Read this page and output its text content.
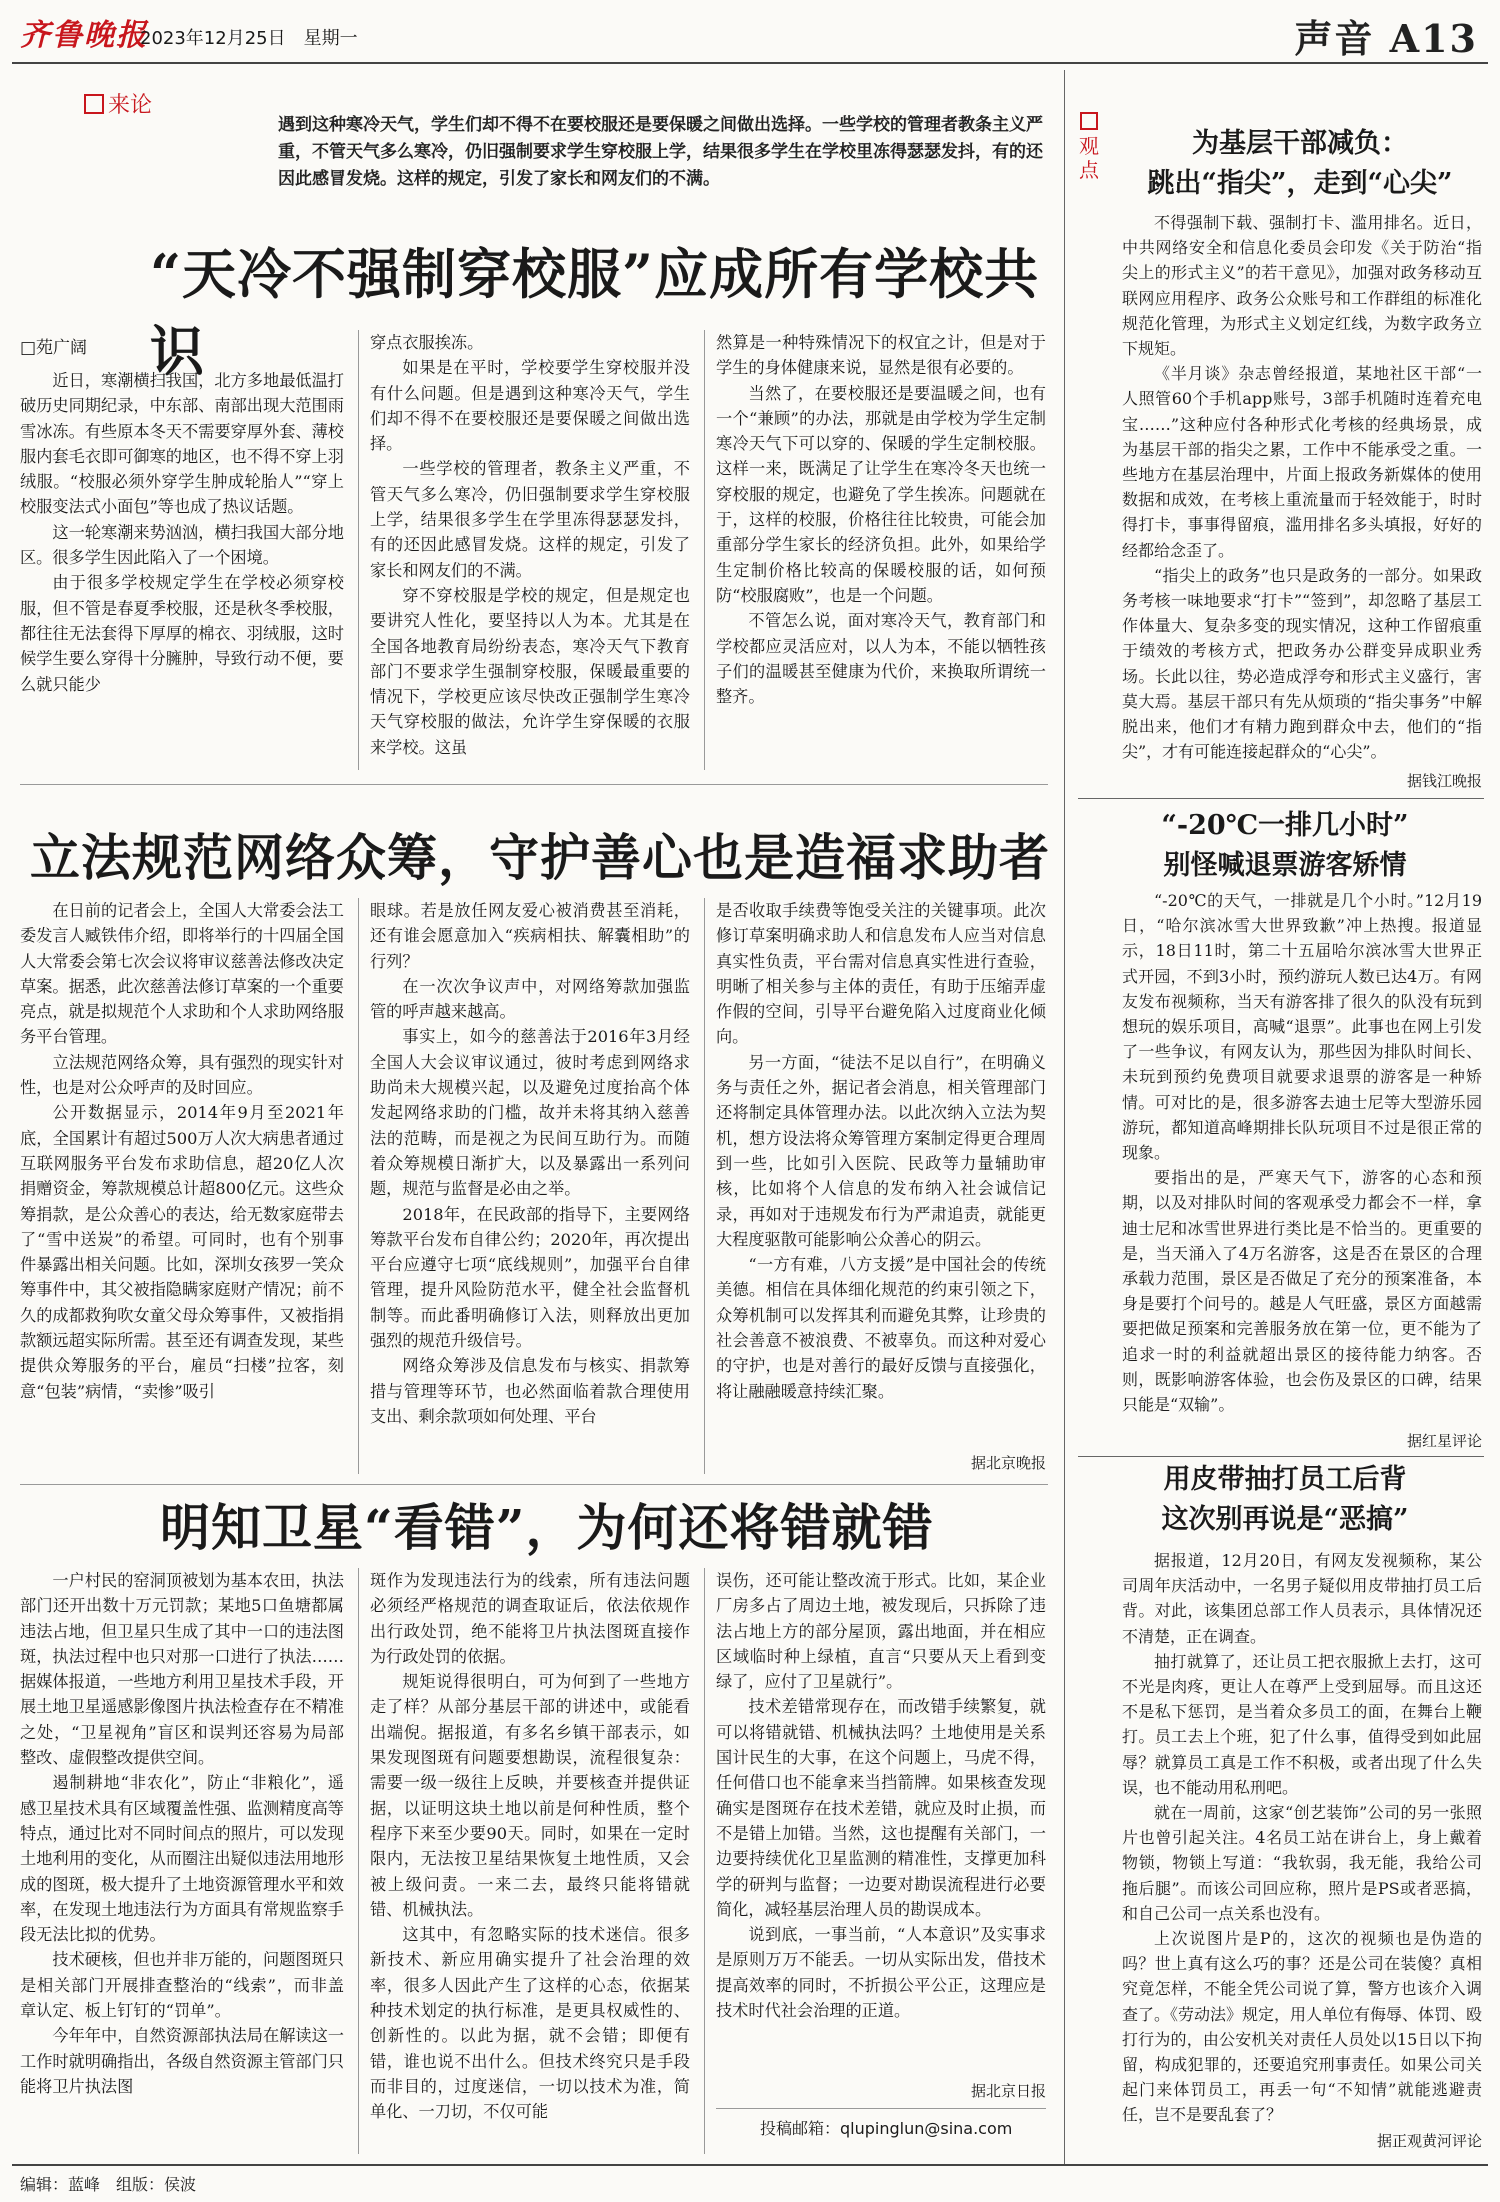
齐鲁晚报
2023年12月25日　星期一	声音 A13
来论
遇到这种寒冷天气，学生们却不得不在要校服还是要保暖之间做出选择。一些学校的管理者教条主义严重，不管天气多么寒冷，仍旧强制要求学生穿校服上学，结果很多学生在学校里冻得瑟瑟发抖，有的还因此感冒发烧。这样的规定，引发了家长和网友们的不满。
“天冷不强制穿校服”应成所有学校共识
□苑广阔

近日，寒潮横扫我国，北方多地最低温打破历史同期纪录，中东部、南部出现大范围雨雪冰冻。有些原本冬天不需要穿厚外套、薄校服内套毛衣即可御寒的地区，也不得不穿上羽绒服。“校服必须外穿学生肿成轮胎人”“穿上校服变法式小面包”等也成了热议话题。

这一轮寒潮来势汹汹，横扫我国大部分地区。很多学生因此陷入了一个困境。

由于很多学校规定学生在学校必须穿校服，但不管是春夏季校服，还是秋冬季校服，都往往无法套得下厚厚的棉衣、羽绒服，这时候学生要么穿得十分臃肿，导致行动不便，要么就只能少

穿点衣服挨冻。

如果是在平时，学校要学生穿校服并没有什么问题。但是遇到这种寒冷天气，学生们却不得不在要校服还是要保暖之间做出选择。

一些学校的管理者，教条主义严重，不管天气多么寒冷，仍旧强制要求学生穿校服上学，结果很多学生在学里冻得瑟瑟发抖，有的还因此感冒发烧。这样的规定，引发了家长和网友们的不满。

穿不穿校服是学校的规定，但是规定也要讲究人性化，要坚持以人为本。尤其是在全国各地教育局纷纷表态，寒冷天气下教育部门不要求学生强制穿校服，保暖最重要的情况下，学校更应该尽快改正强制学生寒冷天气穿校服的做法，允许学生穿保暖的衣服来学校。这虽

然算是一种特殊情况下的权宜之计，但是对于学生的身体健康来说，显然是很有必要的。

当然了，在要校服还是要温暖之间，也有一个“兼顾”的办法，那就是由学校为学生定制寒冷天气下可以穿的、保暖的学生定制校服。这样一来，既满足了让学生在寒冷冬天也统一穿校服的规定，也避免了学生挨冻。问题就在于，这样的校服，价格往往比较贵，可能会加重部分学生家长的经济负担。此外，如果给学生定制价格比较高的保暖校服的话，如何预防“校服腐败”，也是一个问题。

不管怎么说，面对寒冷天气，教育部门和学校都应灵活应对，以人为本，不能以牺牲孩子们的温暖甚至健康为代价，来换取所谓统一整齐。

立法规范网络众筹，守护善心也是造福求助者

在日前的记者会上，全国人大常委会法工委发言人臧铁伟介绍，即将举行的十四届全国人大常委会第七次会议将审议慈善法修改决定草案。据悉，此次慈善法修订草案的一个重要亮点，就是拟规范个人求助和个人求助网络服务平台管理。

立法规范网络众筹，具有强烈的现实针对性，也是对公众呼声的及时回应。

公开数据显示，2014年9月至2021年底，全国累计有超过500万人次大病患者通过互联网服务平台发布求助信息，超20亿人次捐赠资金，筹款规模总计超800亿元。这些众筹捐款，是公众善心的表达，给无数家庭带去了“雪中送炭”的希望。可同时，也有个别事件暴露出相关问题。比如，深圳女孩罗一笑众筹事件中，其父被指隐瞒家庭财产情况；前不久的成都救狗吹女童父母众筹事件，又被指捐款额远超实际所需。甚至还有调查发现，某些提供众筹服务的平台，雇员“扫楼”拉客，刻意“包装”病情，“卖惨”吸引

眼球。若是放任网友爱心被消费甚至消耗，还有谁会愿意加入“疾病相扶、解囊相助”的行列？

在一次次争议声中，对网络筹款加强监管的呼声越来越高。

事实上，如今的慈善法于2016年3月经全国人大会议审议通过，彼时考虑到网络求助尚未大规模兴起，以及避免过度抬高个体发起网络求助的门槛，故并未将其纳入慈善法的范畴，而是视之为民间互助行为。而随着众筹规模日渐扩大，以及暴露出一系列问题，规范与监督是必由之举。

2018年，在民政部的指导下，主要网络筹款平台发布自律公约；2020年，再次提出平台应遵守七项“底线规则”，加强平台自律管理，提升风险防范水平，健全社会监督机制等。而此番明确修订入法，则释放出更加强烈的规范升级信号。

网络众筹涉及信息发布与核实、捐款筹措与管理等环节，也必然面临着款合理使用支出、剩余款项如何处理、平台

是否收取手续费等饱受关注的关键事项。此次修订草案明确求助人和信息发布人应当对信息真实性负责，平台需对信息真实性进行查验，明晰了相关参与主体的责任，有助于压缩弄虚作假的空间，引导平台避免陷入过度商业化倾向。

另一方面，“徒法不足以自行”，在明确义务与责任之外，据记者会消息，相关管理部门还将制定具体管理办法。以此次纳入立法为契机，想方设法将众筹管理方案制定得更合理周到一些，比如引入医院、民政等力量辅助审核，比如将个人信息的发布纳入社会诚信记录，再如对于违规发布行为严肃追责，就能更大程度驱散可能影响公众善心的阴云。

“一方有难，八方支援”是中国社会的传统美德。相信在具体细化规范的约束引领之下，众筹机制可以发挥其利而避免其弊，让珍贵的社会善意不被浪费、不被辜负。而这种对爱心的守护，也是对善行的最好反馈与直接强化，将让融融暖意持续汇聚。

据北京晚报
明知卫星“看错”，为何还将错就错

一户村民的窑洞顶被划为基本农田，执法部门还开出数十万元罚款；某地5口鱼塘都属违法占地，但卫星只生成了其中一口的违法图斑，执法过程中也只对那一口进行了执法……据媒体报道，一些地方利用卫星技术手段，开展土地卫星遥感影像图片执法检查存在不精准之处，“卫星视角”盲区和误判还容易为局部整改、虚假整改提供空间。

遏制耕地“非农化”，防止“非粮化”，遥感卫星技术具有区域覆盖性强、监测精度高等特点，通过比对不同时间点的照片，可以发现土地利用的变化，从而圈注出疑似违法用地形成的图斑，极大提升了土地资源管理水平和效率，在发现土地违法行为方面具有常规监察手段无法比拟的优势。

技术硬核，但也并非万能的，问题图斑只是相关部门开展排查整治的“线索”，而非盖章认定、板上钉钉的“罚单”。

今年年中，自然资源部执法局在解读这一工作时就明确指出，各级自然资源主管部门只能将卫片执法图

斑作为发现违法行为的线索，所有违法问题必须经严格规范的调查取证后，依法依规作出行政处罚，绝不能将卫片执法图斑直接作为行政处罚的依据。

规矩说得很明白，可为何到了一些地方走了样？从部分基层干部的讲述中，或能看出端倪。据报道，有多名乡镇干部表示，如果发现图斑有问题要想勘误，流程很复杂：需要一级一级往上反映，并要核查并提供证据，以证明这块土地以前是何种性质，整个程序下来至少要90天。同时，如果在一定时限内，无法按卫星结果恢复土地性质，又会被上级问责。一来二去，最终只能将错就错、机械执法。

这其中，有忽略实际的技术迷信。很多新技术、新应用确实提升了社会治理的效率，很多人因此产生了这样的心态，依据某种技术划定的执行标准，是更具权威性的、创新性的。以此为据，就不会错；即便有错，谁也说不出什么。但技术终究只是手段而非目的，过度迷信，一切以技术为准，简单化、一刀切，不仅可能

误伤，还可能让整改流于形式。比如，某企业厂房多占了周边土地，被发现后，只拆除了违法占地上方的部分屋顶，露出地面，并在相应区域临时种上绿植，直言“只要从天上看到变绿了，应付了卫星就行”。

技术差错常现存在，而改错手续繁复，就可以将错就错、机械执法吗？土地使用是关系国计民生的大事，在这个问题上，马虎不得，任何借口也不能拿来当挡箭牌。如果核查发现确实是图斑存在技术差错，就应及时止损，而不是错上加错。当然，这也提醒有关部门，一边要持续优化卫星监测的精准性，支撑更加科学的研判与监督；一边要对勘误流程进行必要简化，减轻基层治理人员的勘误成本。

说到底，一事当前，“人本意识”及实事求是原则万万不能丢。一切从实际出发，借技术提高效率的同时，不折损公平公正，这理应是技术时代社会治理的正道。

据北京日报
投稿邮箱：qlupinglun@sina.com
观点
为基层干部减负：
跳出“指尖”，走到“心尖”

不得强制下载、强制打卡、滥用排名。近日，中共网络安全和信息化委员会印发《关于防治“指尖上的形式主义”的若干意见》，加强对政务移动互联网应用程序、政务公众账号和工作群组的标准化规范化管理，为形式主义划定红线，为数字政务立下规矩。

《半月谈》杂志曾经报道，某地社区干部“一人照管60个手机app账号，3部手机随时连着充电宝……”这种应付各种形式化考核的经典场景，成为基层干部的指尖之累，工作中不能承受之重。一些地方在基层治理中，片面上报政务新媒体的使用数据和成效，在考核上重流量而于轻效能于，时时得打卡，事事得留痕，滥用排名多头填报，好好的经都给念歪了。

“指尖上的政务”也只是政务的一部分。如果政务考核一味地要求“打卡”“签到”，却忽略了基层工作体量大、复杂多变的现实情况，这种工作留痕重于绩效的考核方式，把政务办公群变异成职业秀场。长此以往，势必造成浮夸和形式主义盛行，害莫大焉。基层干部只有先从烦琐的“指尖事务”中解脱出来，他们才有精力跑到群众中去，他们的“指尖”，才有可能连接起群众的“心尖”。

据钱江晚报
“-20℃一排几小时”
别怪喊退票游客矫情

“-20℃的天气，一排就是几个小时。”12月19日，“哈尔滨冰雪大世界致歉”冲上热搜。报道显示，18日11时，第二十五届哈尔滨冰雪大世界正式开园，不到3小时，预约游玩人数已达4万。有网友发布视频称，当天有游客排了很久的队没有玩到想玩的娱乐项目，高喊“退票”。此事也在网上引发了一些争议，有网友认为，那些因为排队时间长、未玩到预约免费项目就要求退票的游客是一种矫情。可对比的是，很多游客去迪士尼等大型游乐园游玩，都知道高峰期排长队玩项目不过是很正常的现象。

要指出的是，严寒天气下，游客的心态和预期，以及对排队时间的客观承受力都会不一样，拿迪士尼和冰雪世界进行类比是不恰当的。更重要的是，当天涌入了4万名游客，这是否在景区的合理承载力范围，景区是否做足了充分的预案准备，本身是要打个问号的。越是人气旺盛，景区方面越需要把做足预案和完善服务放在第一位，更不能为了追求一时的利益就超出景区的接待能力纳客。否则，既影响游客体验，也会伤及景区的口碑，结果只能是“双输”。

据红星评论
用皮带抽打员工后背
这次别再说是“恶搞”

据报道，12月20日，有网友发视频称，某公司周年庆活动中，一名男子疑似用皮带抽打员工后背。对此，该集团总部工作人员表示，具体情况还不清楚，正在调查。

抽打就算了，还让员工把衣服掀上去打，这可不光是肉疼，更让人在尊严上受到屈辱。而且这还不是私下惩罚，是当着众多员工的面，在舞台上鞭打。员工去上个班，犯了什么事，值得受到如此屈辱？就算员工真是工作不积极，或者出现了什么失误，也不能动用私刑吧。

就在一周前，这家“创艺装饰”公司的另一张照片也曾引起关注。4名员工站在讲台上，身上戴着物锁，物锁上写道：“我软弱，我无能，我给公司拖后腿”。而该公司回应称，照片是PS或者恶搞，和自己公司一点关系也没有。

上次说图片是P的，这次的视频也是伪造的吗？世上真有这么巧的事？还是公司在装傻？真相究竟怎样，不能全凭公司说了算，警方也该介入调查了。《劳动法》规定，用人单位有侮辱、体罚、殴打行为的，由公安机关对责任人员处以15日以下拘留，构成犯罪的，还要追究刑事责任。如果公司关起门来体罚员工，再丢一句“不知情”就能逃避责任，岂不是要乱套了？

据正观黄河评论
编辑：蓝峰　组版：侯波
